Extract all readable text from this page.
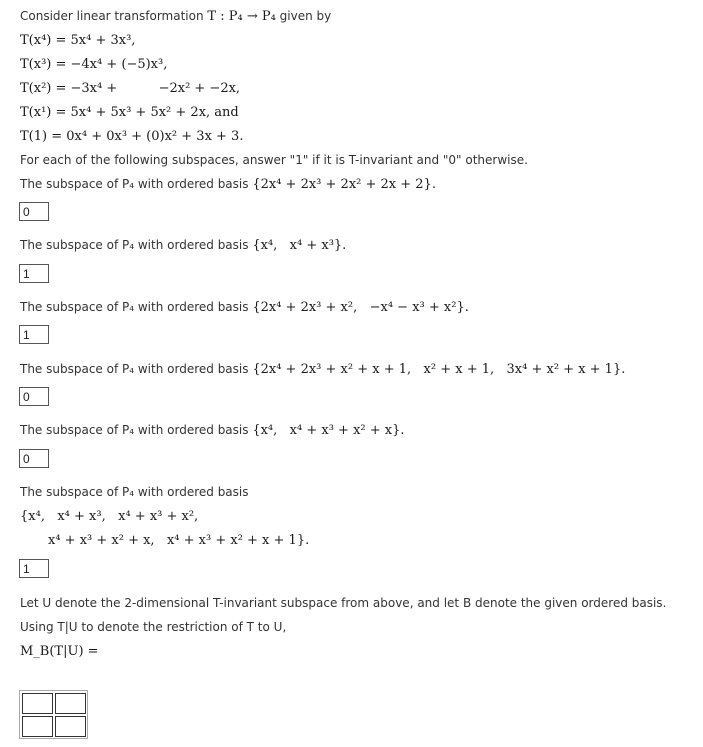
Consider linear transformation T : P₄ → P₄ given by
T(x⁴) = 5x⁴ + 3x³,
T(x³) = −4x⁴ + (−5)x³,
T(x²) = −3x⁴ +          −2x² + −2x,
T(x¹) = 5x⁴ + 5x³ + 5x² + 2x, and
T(1) = 0x⁴ + 0x³ + (0)x² + 3x + 3.
For each of the following subspaces, answer "1" if it is T-invariant and "0" otherwise.
The subspace of P₄ with ordered basis {2x⁴ + 2x³ + 2x² + 2x + 2}.
0
The subspace of P₄ with ordered basis {x⁴,   x⁴ + x³}.
1
The subspace of P₄ with ordered basis {2x⁴ + 2x³ + x²,   −x⁴ − x³ + x²}.
1
The subspace of P₄ with ordered basis {2x⁴ + 2x³ + x² + x + 1,   x² + x + 1,   3x⁴ + x² + x + 1}.
0
The subspace of P₄ with ordered basis {x⁴,   x⁴ + x³ + x² + x}.
0
The subspace of P₄ with ordered basis
{x⁴,   x⁴ + x³,   x⁴ + x³ + x²,
x⁴ + x³ + x² + x,   x⁴ + x³ + x² + x + 1}.
1
Let U denote the 2-dimensional T-invariant subspace from above, and let B denote the given ordered basis.
Using T|U to denote the restriction of T to U,
M_B(T|U) =
